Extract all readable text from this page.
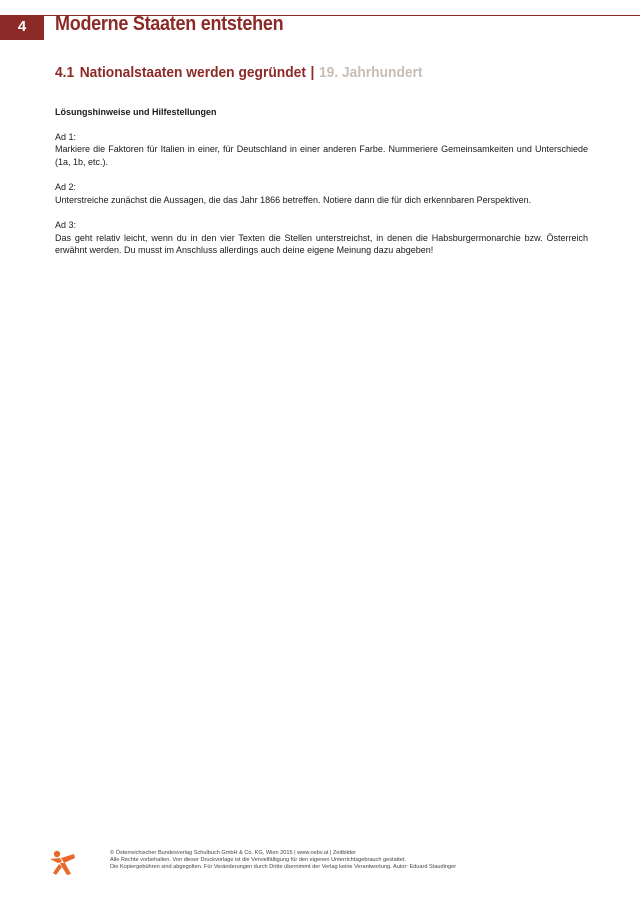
4	Moderne Staaten entstehen
4.1 Nationalstaaten werden gegründet | 19. Jahrhundert
Lösungshinweise und Hilfestellungen

Ad 1:

Markiere die Faktoren für Italien in einer, für Deutschland in einer anderen Farbe. Nummeriere Gemeinsamkeiten und Unterschiede (1a, 1b, etc.).

Ad 2:

Unterstreiche zunächst die Aussagen, die das Jahr 1866 betreffen. Notiere dann die für dich erkennbaren Perspektiven.

Ad 3:

Das geht relativ leicht, wenn du in den vier Texten die Stellen unterstreichst, in denen die Habsburgermonarchie bzw. Österreich erwähnt werden. Du musst im Anschluss allerdings auch deine eigene Meinung dazu abgeben!

© Österreichischer Bundesverlag Schulbuch GmbH & Co. KG, Wien 2015 | www.oebv.at | Zeitbilder
Alle Rechte vorbehalten. Von dieser Druckvorlage ist die Vervielfältigung für den eigenen Unterrichtsgebrauch gestattet.
Die Kopiergebühren sind abgegolten. Für Veränderungen durch Dritte übernimmt der Verlag keine Verantwortung. Autor: Eduard Staudinger
